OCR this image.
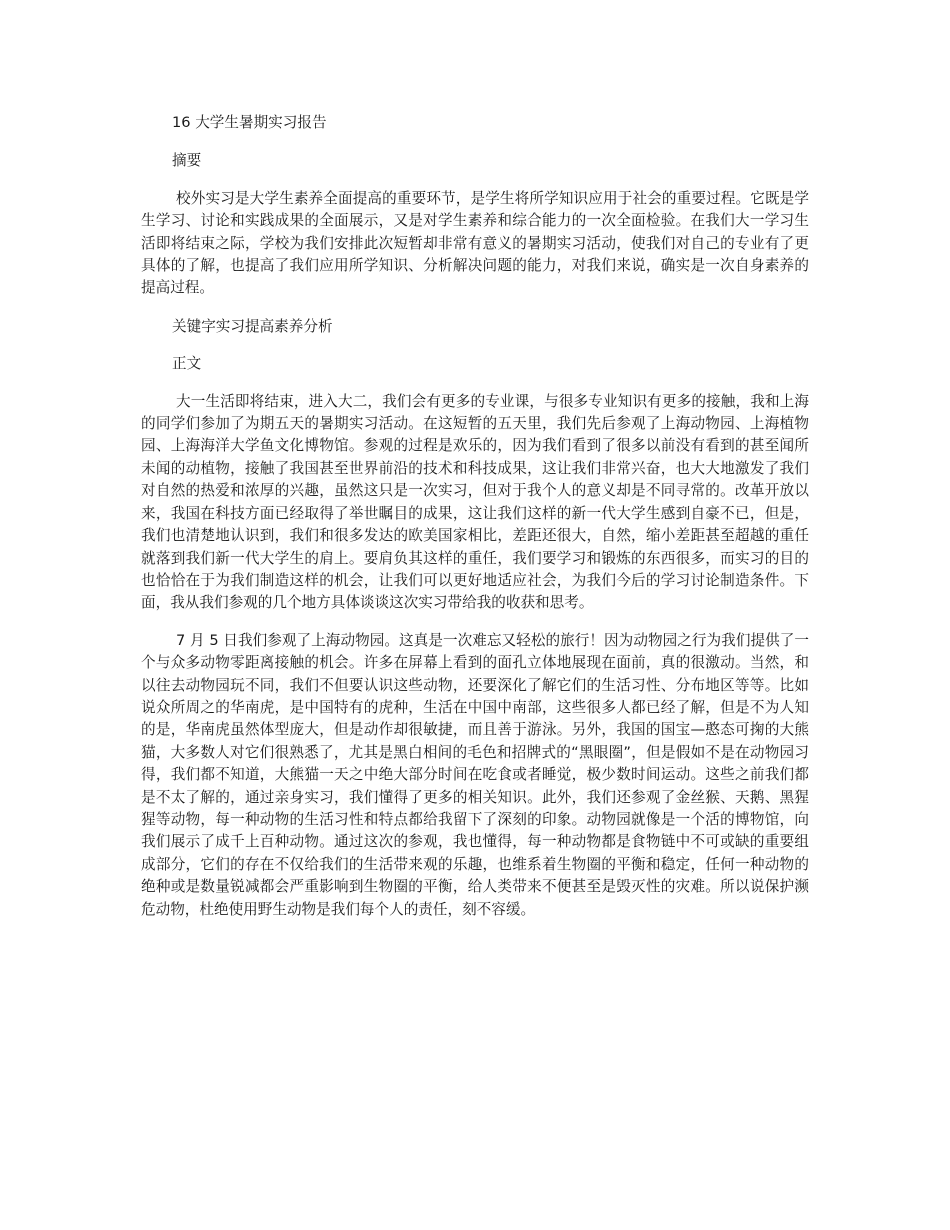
16 大学生暑期实习报告

摘要

校外实习是大学生素养全面提高的重要环节，是学生将所学知识应用于社会的重要过程。它既是学生学习、讨论和实践成果的全面展示，又是对学生素养和综合能力的一次全面检验。在我们大一学习生活即将结束之际，学校为我们安排此次短暂却非常有意义的暑期实习活动，使我们对自己的专业有了更具体的了解，也提高了我们应用所学知识、分析解决问题的能力，对我们来说，确实是一次自身素养的提高过程。

关键字实习提高素养分析

正文

大一生活即将结束，进入大二，我们会有更多的专业课，与很多专业知识有更多的接触，我和上海的同学们参加了为期五天的暑期实习活动。在这短暂的五天里，我们先后参观了上海动物园、上海植物园、上海海洋大学鱼文化博物馆。参观的过程是欢乐的，因为我们看到了很多以前没有看到的甚至闻所未闻的动植物，接触了我国甚至世界前沿的技术和科技成果，这让我们非常兴奋，也大大地激发了我们对自然的热爱和浓厚的兴趣，虽然这只是一次实习，但对于我个人的意义却是不同寻常的。改革开放以来，我国在科技方面已经取得了举世瞩目的成果，这让我们这样的新一代大学生感到自豪不已，但是，我们也清楚地认识到，我们和很多发达的欧美国家相比，差距还很大，自然，缩小差距甚至超越的重任就落到我们新一代大学生的肩上。要肩负其这样的重任，我们要学习和锻炼的东西很多，而实习的目的也恰恰在于为我们制造这样的机会，让我们可以更好地适应社会，为我们今后的学习讨论制造条件。下面，我从我们参观的几个地方具体谈谈这次实习带给我的收获和思考。

7 月 5 日我们参观了上海动物园。这真是一次难忘又轻松的旅行！因为动物园之行为我们提供了一个与众多动物零距离接触的机会。许多在屏幕上看到的面孔立体地展现在面前，真的很激动。当然，和以往去动物园玩不同，我们不但要认识这些动物，还要深化了解它们的生活习性、分布地区等等。比如说众所周之的华南虎，是中国特有的虎种，生活在中国中南部，这些很多人都已经了解，但是不为人知的是，华南虎虽然体型庞大，但是动作却很敏捷，而且善于游泳。另外，我国的国宝—憨态可掬的大熊猫，大多数人对它们很熟悉了，尤其是黑白相间的毛色和招牌式的“黑眼圈”，但是假如不是在动物园习得，我们都不知道，大熊猫一天之中绝大部分时间在吃食或者睡觉，极少数时间运动。这些之前我们都是不太了解的，通过亲身实习，我们懂得了更多的相关知识。此外，我们还参观了金丝猴、天鹅、黑猩猩等动物，每一种动物的生活习性和特点都给我留下了深刻的印象。动物园就像是一个活的博物馆，向我们展示了成千上百种动物。通过这次的参观，我也懂得，每一种动物都是食物链中不可或缺的重要组成部分，它们的存在不仅给我们的生活带来观的乐趣，也维系着生物圈的平衡和稳定，任何一种动物的绝种或是数量锐减都会严重影响到生物圈的平衡，给人类带来不便甚至是毁灭性的灾难。所以说保护濒危动物，杜绝使用野生动物是我们每个人的责任，刻不容缓。
